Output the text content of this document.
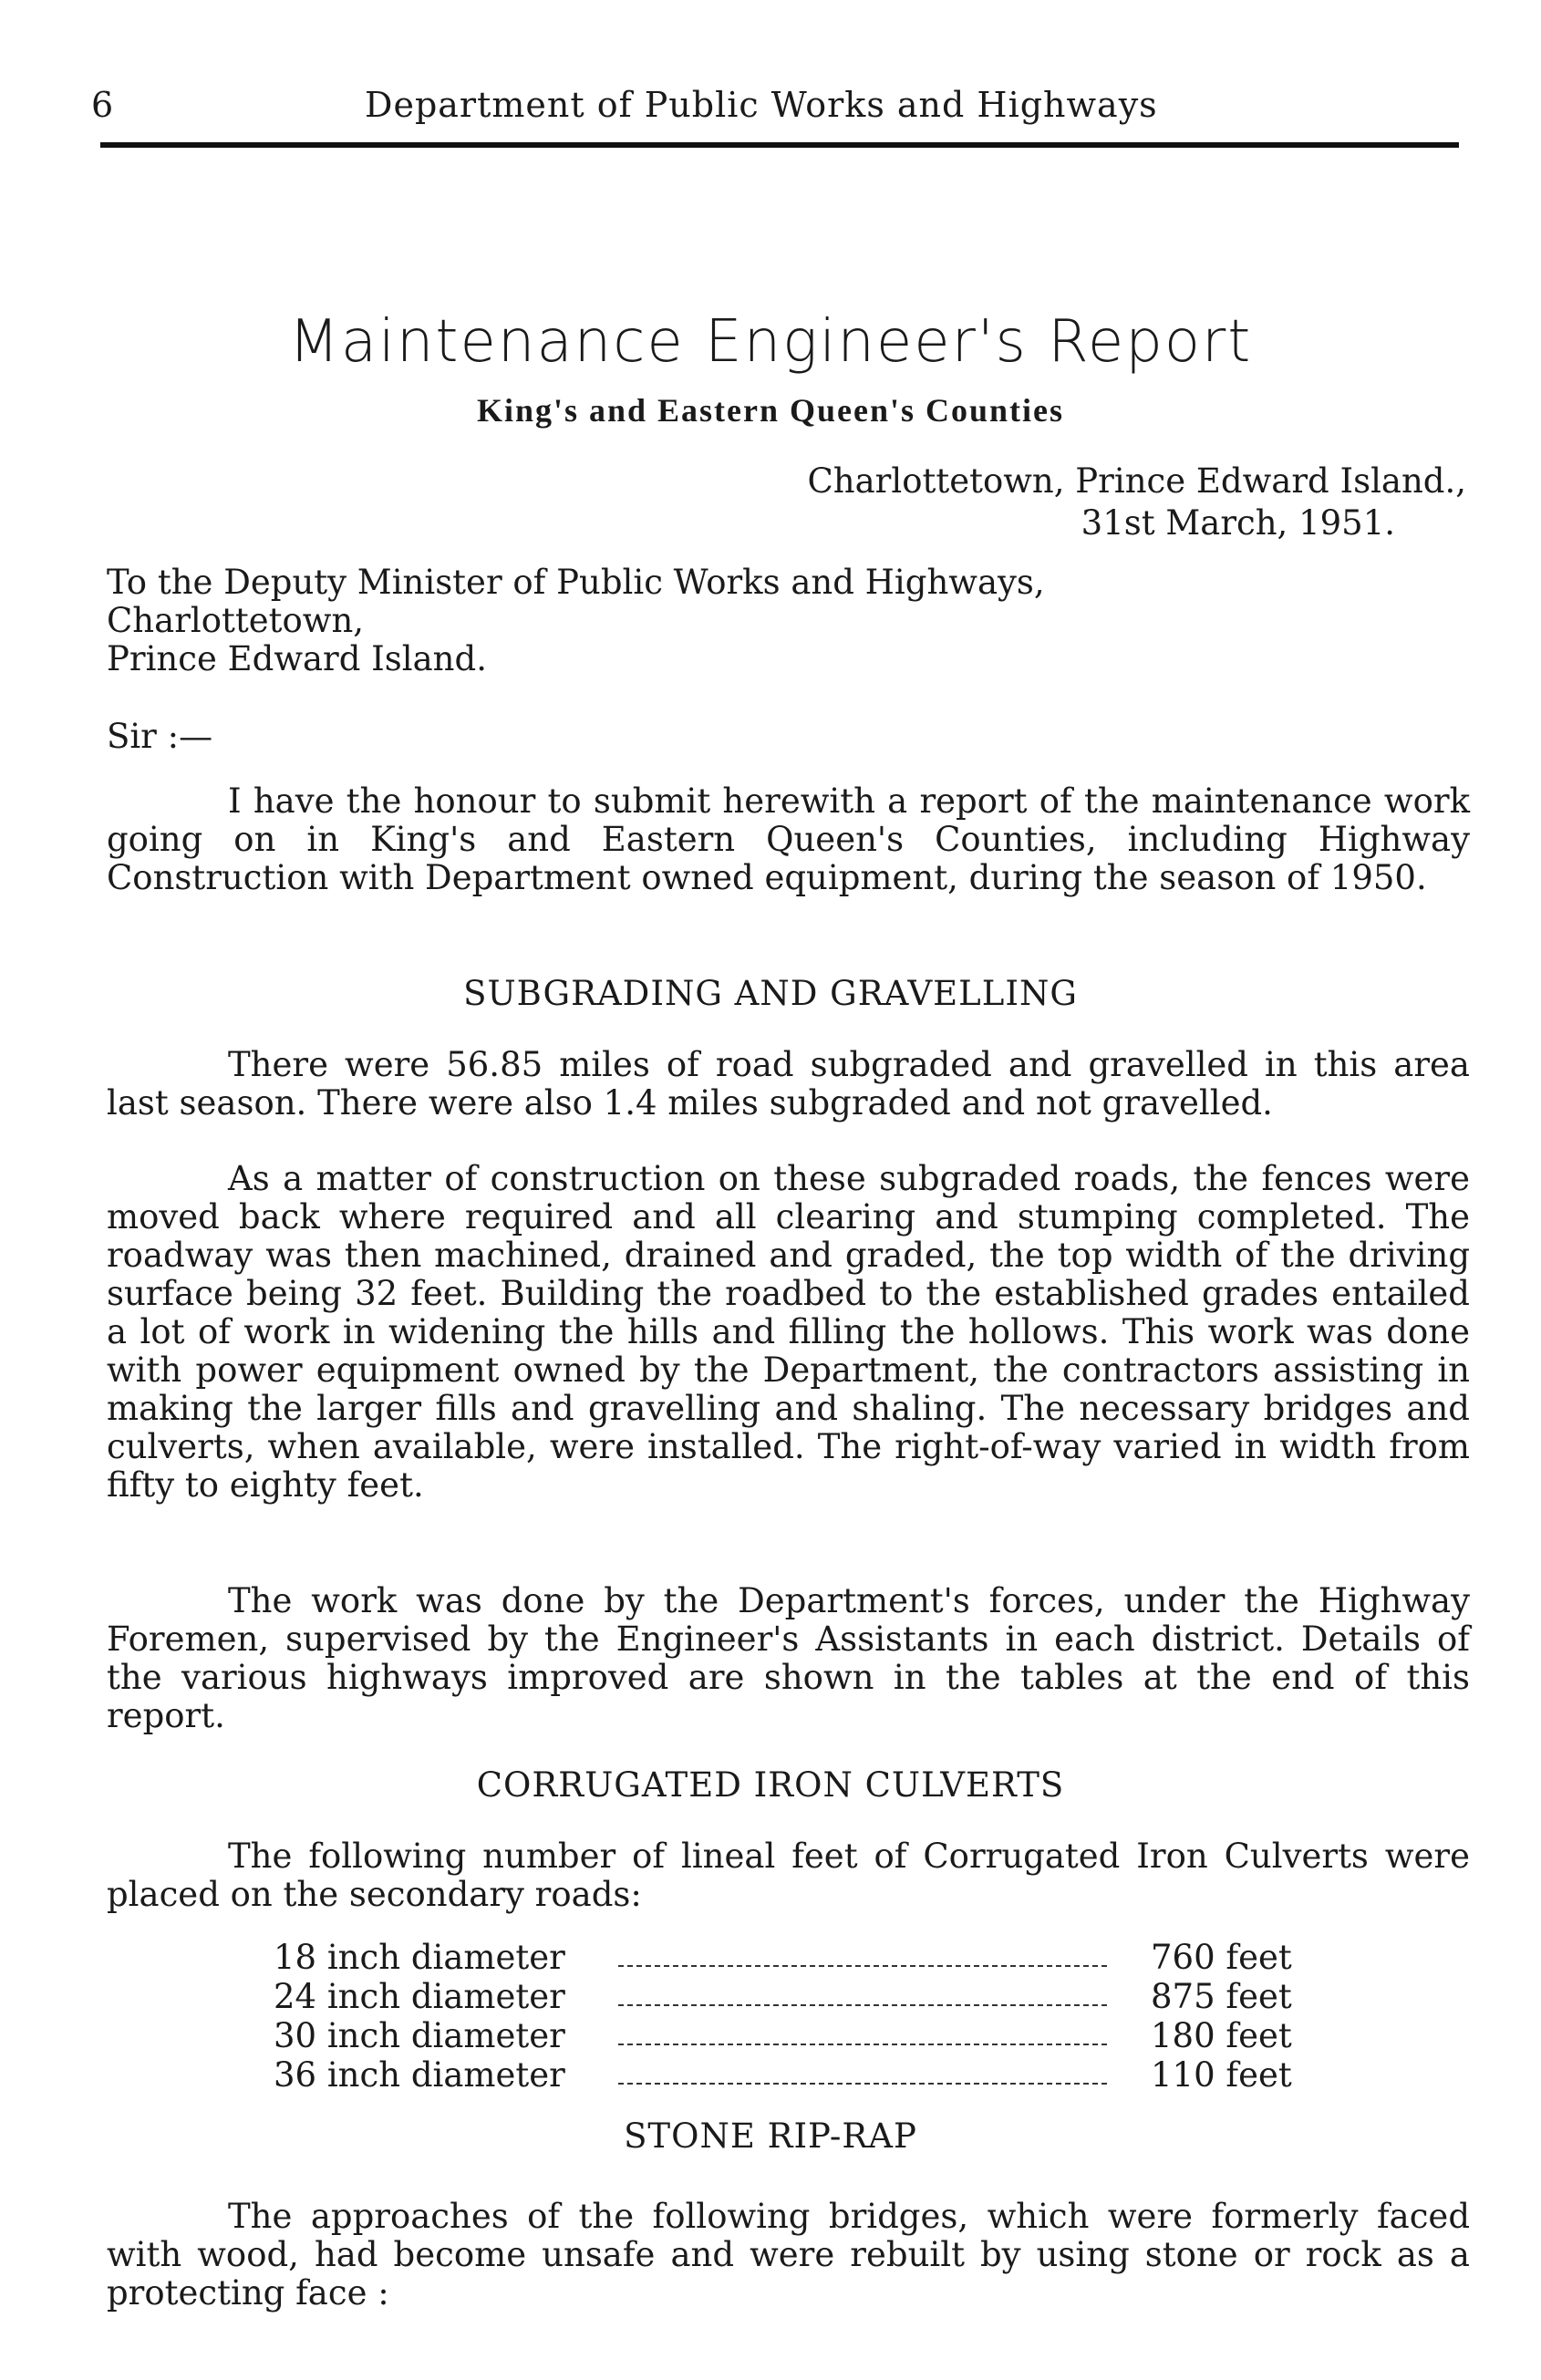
6	Department of Public Works and Highways
Maintenance Engineer's Report
King's and Eastern Queen's Counties
Charlottetown, Prince Edward Island.,
31st March, 1951.
To the Deputy Minister of Public Works and Highways,
Charlottetown,
Prince Edward Island.
Sir :—

I have the honour to submit herewith a report of the maintenance work going on in King's and Eastern Queen's Counties, including Highway Construction with Department owned equipment, during the season of 1950.

SUBGRADING AND GRAVELLING

There were 56.85 miles of road subgraded and gravelled in this area last season. There were also 1.4 miles subgraded and not gravelled.

As a matter of construction on these subgraded roads, the fences were moved back where required and all clearing and stumping completed. The roadway was then machined, drained and graded, the top width of the driving surface being 32 feet. Building the roadbed to the established grades entailed a lot of work in widening the hills and filling the hollows. This work was done with power equipment owned by the Department, the contractors assisting in making the larger fills and gravelling and shaling. The necessary bridges and culverts, when available, were installed. The right-of-way varied in width from fifty to eighty feet.

The work was done by the Department's forces, under the Highway Foremen, supervised by the Engineer's Assistants in each district. Details of the various highways improved are shown in the tables at the end of this report.

CORRUGATED IRON CULVERTS

The following number of lineal feet of Corrugated Iron Culverts were placed on the secondary roads:

18 inch diameter	760 feet
24 inch diameter	875 feet
30 inch diameter	180 feet
36 inch diameter	110 feet
STONE RIP-RAP

The approaches of the following bridges, which were formerly faced with wood, had become unsafe and were rebuilt by using stone or rock as a protecting face :
